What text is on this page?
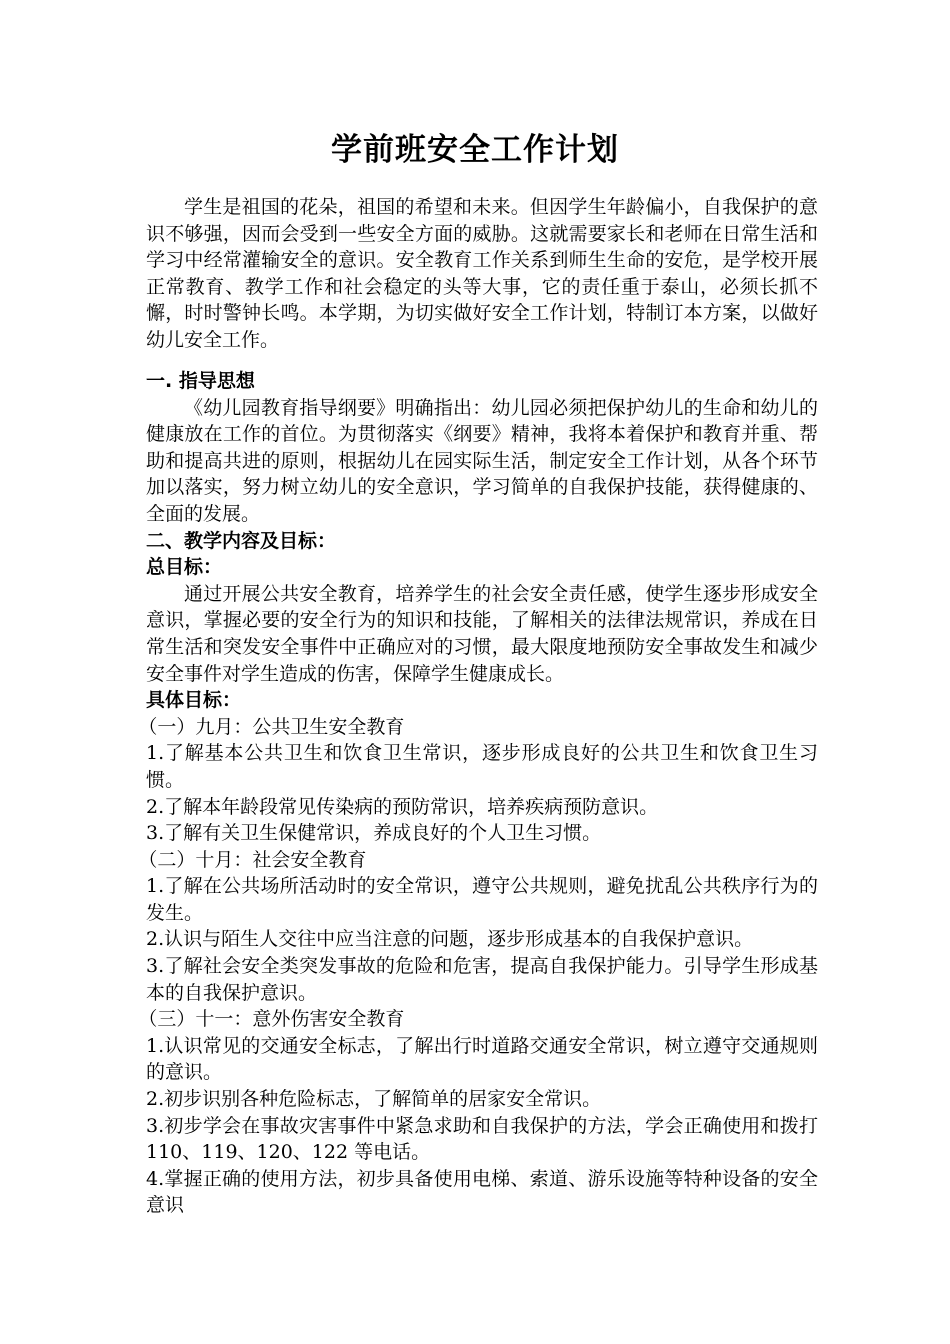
学前班安全工作计划

学生是祖国的花朵，祖国的希望和未来。但因学生年龄偏小，自我保护的意识不够强，因而会受到一些安全方面的威胁。这就需要家长和老师在日常生活和学习中经常灌输安全的意识。安全教育工作关系到师生生命的安危，是学校开展正常教育、教学工作和社会稳定的头等大事，它的责任重于泰山，必须长抓不懈，时时警钟长鸣。本学期，为切实做好安全工作计划，特制订本方案，以做好幼儿安全工作。

一. 指导思想

《幼儿园教育指导纲要》明确指出：幼儿园必须把保护幼儿的生命和幼儿的健康放在工作的首位。为贯彻落实《纲要》精神，我将本着保护和教育并重、帮助和提高共进的原则，根据幼儿在园实际生活，制定安全工作计划，从各个环节加以落实，努力树立幼儿的安全意识，学习简单的自我保护技能，获得健康的、全面的发展。

二、教学内容及目标：

总目标：

通过开展公共安全教育，培养学生的社会安全责任感，使学生逐步形成安全意识，掌握必要的安全行为的知识和技能，了解相关的法律法规常识，养成在日常生活和突发安全事件中正确应对的习惯，最大限度地预防安全事故发生和减少安全事件对学生造成的伤害，保障学生健康成长。

具体目标：

（一）九月：公共卫生安全教育

1.了解基本公共卫生和饮食卫生常识，逐步形成良好的公共卫生和饮食卫生习惯。

2.了解本年龄段常见传染病的预防常识，培养疾病预防意识。

3.了解有关卫生保健常识，养成良好的个人卫生习惯。

（二）十月：社会安全教育

1.了解在公共场所活动时的安全常识，遵守公共规则，避免扰乱公共秩序行为的发生。

2.认识与陌生人交往中应当注意的问题，逐步形成基本的自我保护意识。

3.了解社会安全类突发事故的危险和危害，提高自我保护能力。引导学生形成基本的自我保护意识。

（三）十一：意外伤害安全教育

1.认识常见的交通安全标志，了解出行时道路交通安全常识，树立遵守交通规则的意识。

2.初步识别各种危险标志，了解简单的居家安全常识。

3.初步学会在事故灾害事件中紧急求助和自我保护的方法，学会正确使用和拨打 110、119、120、122 等电话。

4.掌握正确的使用方法，初步具备使用电梯、索道、游乐设施等特种设备的安全意识
